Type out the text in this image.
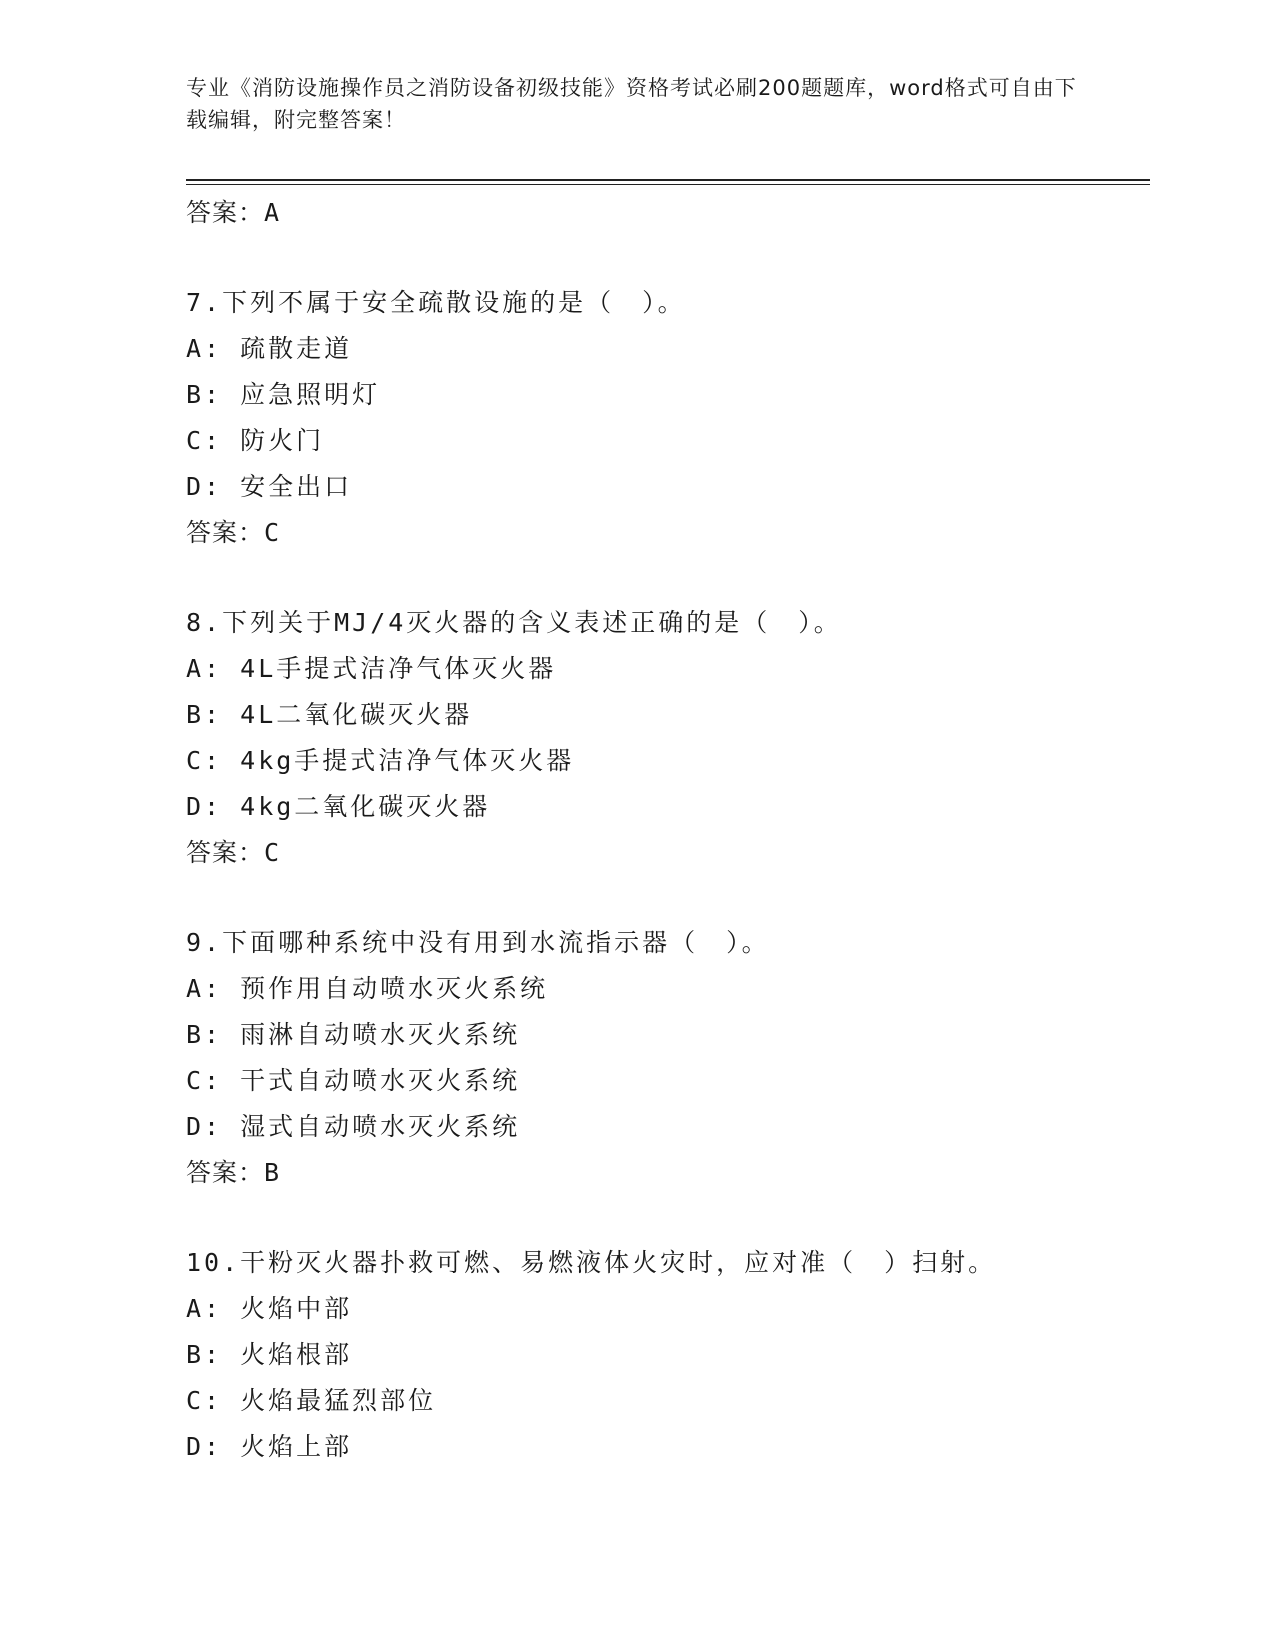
专业《消防设施操作员之消防设备初级技能》资格考试必刷200题题库，word格式可自由下载编辑，附完整答案！
答案：A
7.下列不属于安全疏散设施的是（　）。
A: 疏散走道
B: 应急照明灯
C: 防火门
D: 安全出口
答案：C
8.下列关于MJ/4灭火器的含义表述正确的是（　）。
A: 4L手提式洁净气体灭火器
B: 4L二氧化碳灭火器
C: 4kg手提式洁净气体灭火器
D: 4kg二氧化碳灭火器
答案：C
9.下面哪种系统中没有用到水流指示器（　）。
A: 预作用自动喷水灭火系统
B: 雨淋自动喷水灭火系统
C: 干式自动喷水灭火系统
D: 湿式自动喷水灭火系统
答案：B
10.干粉灭火器扑救可燃、易燃液体火灾时，应对准（　）扫射。
A: 火焰中部
B: 火焰根部
C: 火焰最猛烈部位
D: 火焰上部
